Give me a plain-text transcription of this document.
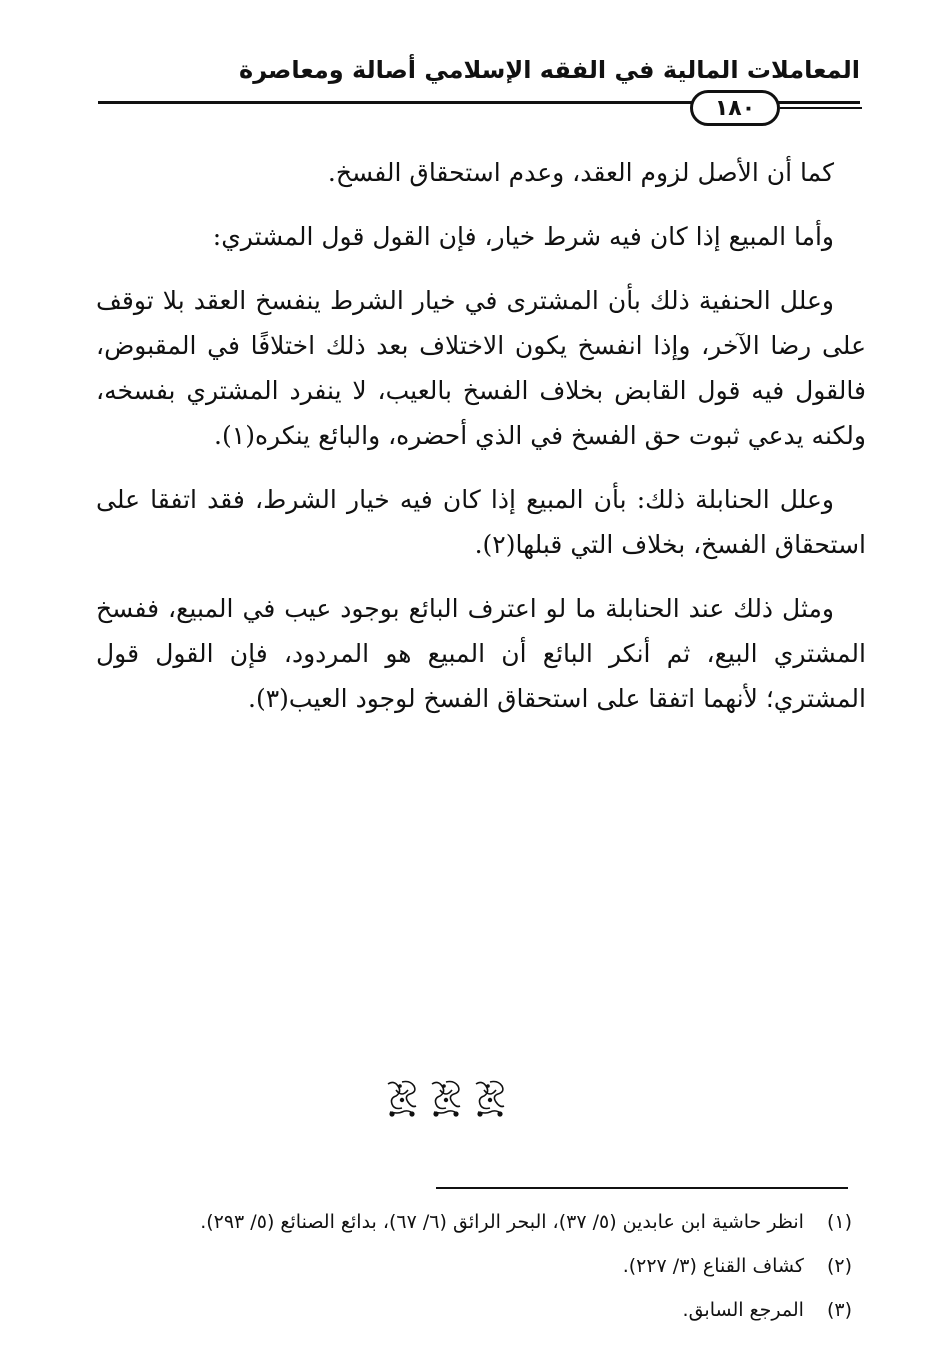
المعاملات المالية في الفقه الإسلامي أصالة ومعاصرة
١٨٠

كما أن الأصل لزوم العقد، وعدم استحقاق الفسخ.

وأما المبيع إذا كان فيه شرط خيار، فإن القول قول المشتري:

وعلل الحنفية ذلك بأن المشترى في خيار الشرط ينفسخ العقد بلا توقف على رضا الآخر، وإذا انفسخ يكون الاختلاف بعد ذلك اختلافًا في المقبوض، فالقول فيه قول القابض بخلاف الفسخ بالعيب، لا ينفرد المشتري بفسخه، ولكنه يدعي ثبوت حق الفسخ في الذي أحضره، والبائع ينكره(١).

وعلل الحنابلة ذلك: بأن المبيع إذا كان فيه خيار الشرط، فقد اتفقا على استحقاق الفسخ، بخلاف التي قبلها(٢).

ومثل ذلك عند الحنابلة ما لو اعترف البائع بوجود عيب في المبيع، ففسخ المشتري البيع، ثم أنكر البائع أن المبيع هو المردود، فإن القول قول المشتري؛ لأنهما اتفقا على استحقاق الفسخ لوجود العيب(٣).

(١) انظر حاشية ابن عابدين (٥/ ٣٧)، البحر الرائق (٦/ ٦٧)، بدائع الصنائع (٥/ ٢٩٣).
(٢) كشاف القناع (٣/ ٢٢٧).
(٣) المرجع السابق.
